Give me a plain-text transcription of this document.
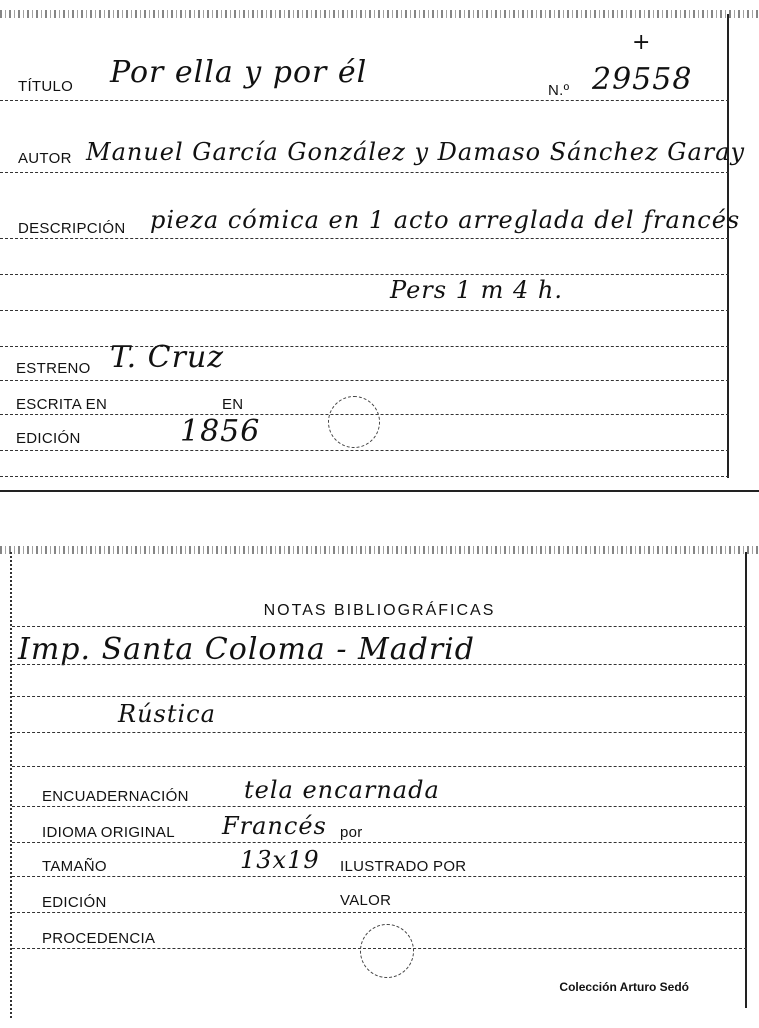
+
TÍTULO Por ella y por él
N.º 29558
AUTOR Manuel García González y Damaso Sánchez Garay
DESCRIPCIÓN pieza cómica en 1 acto arreglada del francés
Pers 1 m 4 h.
ESTRENO T. Cruz
ESCRITA EN	EN
EDICIÓN	1856
NOTAS BIBLIOGRÁFICAS
Imp. Santa Coloma - Madrid
Rústica
ENCUADERNACIÓN tela encarnada
IDIOMA ORIGINAL Francés por
TAMAÑO	13x19 ILUSTRADO POR
EDICIÓN	VALOR
PROCEDENCIA
Colección Arturo Sedó
